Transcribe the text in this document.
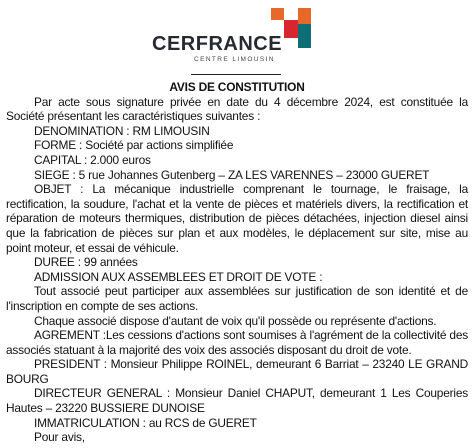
CERFRANCE
CENTRE LIMOUSIN

AVIS DE CONSTITUTION

Par acte sous signature privée en date du 4 décembre 2024, est constituée la Société présentant les caractéristiques suivantes :

DENOMINATION : RM LIMOUSIN

FORME : Société par actions simplifiée

CAPITAL : 2.000 euros

SIEGE : 5 rue Johannes Gutenberg – ZA LES VARENNES – 23000 GUERET

OBJET : La mécanique industrielle comprenant le tournage, le fraisage, la rectification, la soudure, l'achat et la vente de pièces et matériels divers, la rectification et réparation de moteurs thermiques, distribution de pièces détachées, injection diesel ainsi que la fabrication de pièces sur plan et aux modèles, le déplacement sur site, mise au point moteur, et essai de véhicule.

DUREE : 99 années

ADMISSION AUX ASSEMBLEES ET DROIT DE VOTE :

Tout associé peut participer aux assemblées sur justification de son identité et de l'inscription en compte de ses actions.

Chaque associé dispose d'autant de voix qu'il possède ou représente d'actions.

AGREMENT :Les cessions d'actions sont soumises à l'agrément de la collectivité des associés statuant à la majorité des voix des associés disposant du droit de vote.

PRESIDENT : Monsieur Philippe ROINEL, demeurant 6 Barriat – 23240 LE GRAND BOURG

DIRECTEUR GENERAL : Monsieur Daniel CHAPUT, demeurant 1 Les Couperies Hautes – 23220 BUSSIERE DUNOISE

IMMATRICULATION : au RCS de GUERET

Pour avis,
